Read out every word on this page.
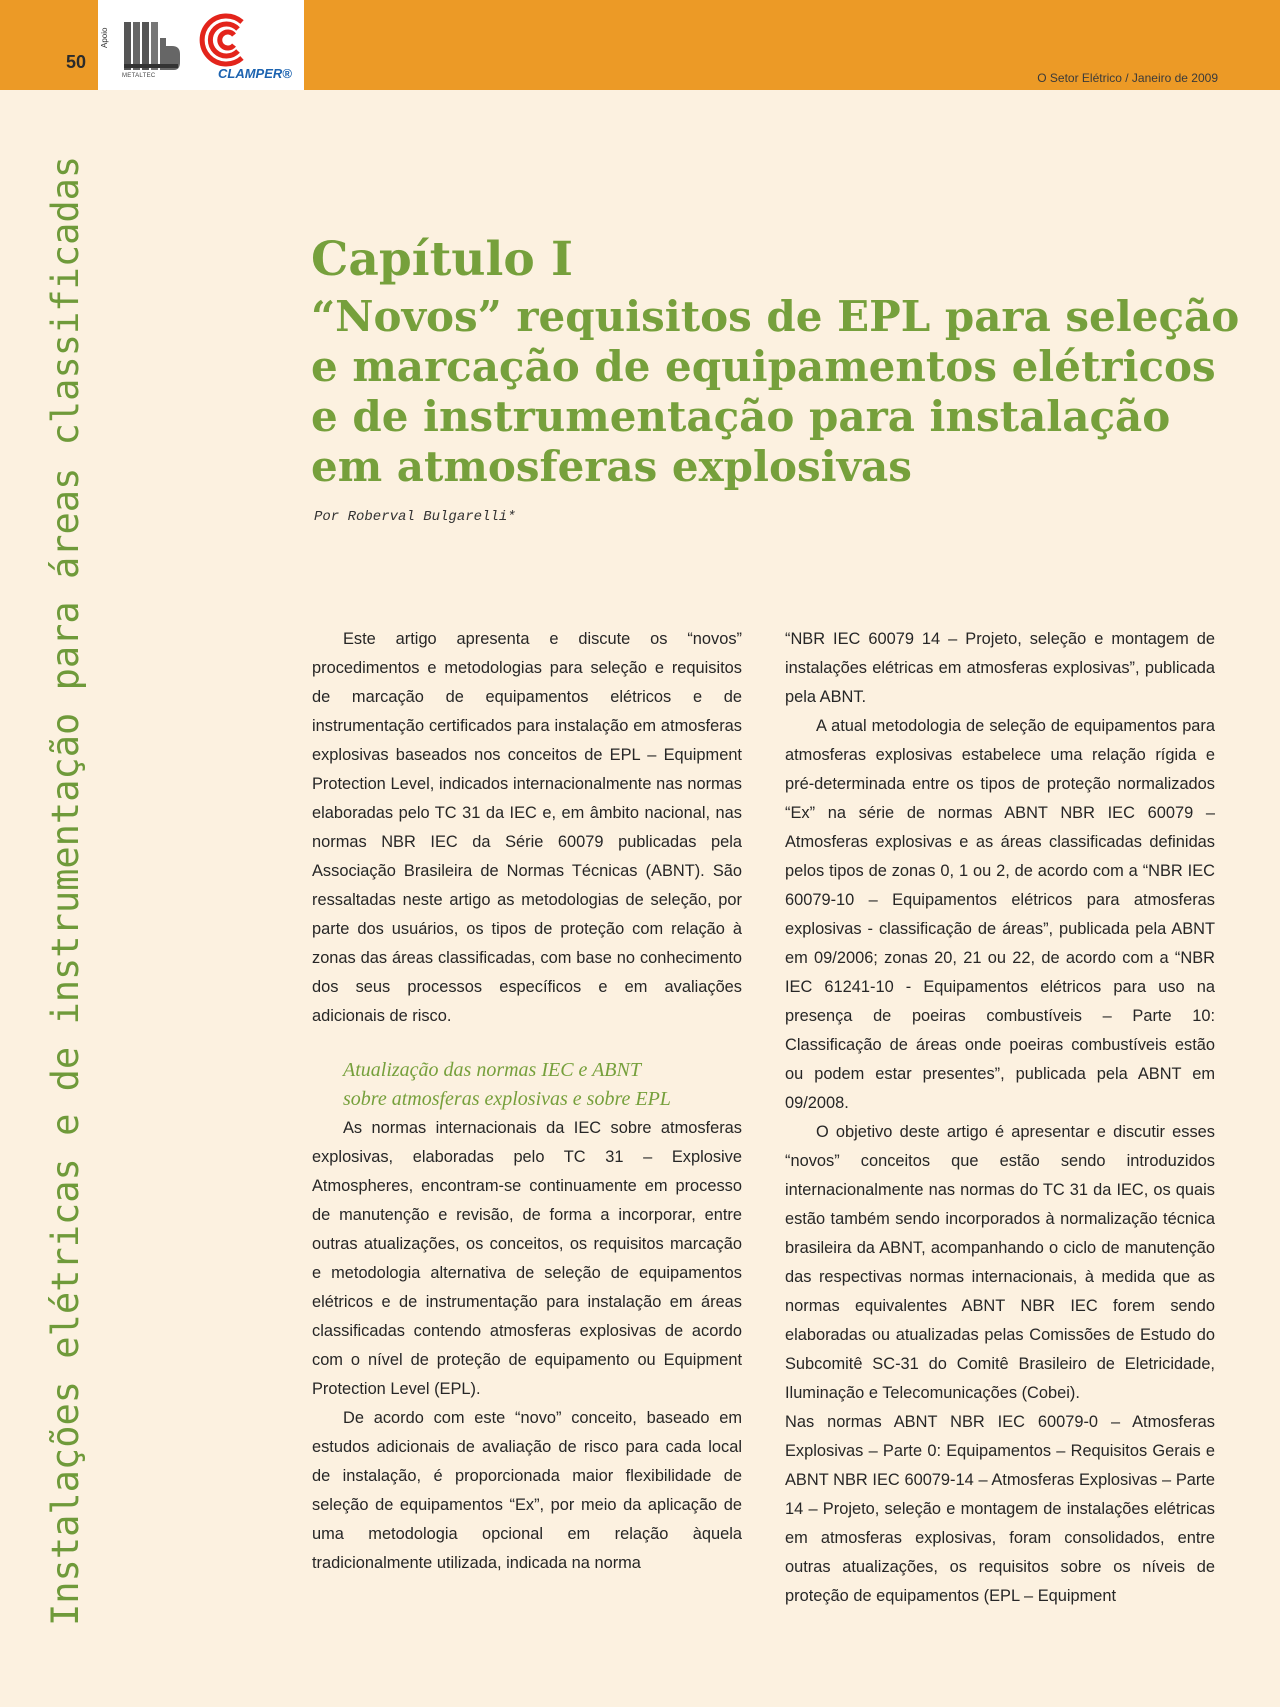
50
Apoio
METALTEC	CLAMPER®	O Setor Elétrico / Janeiro de 2009
Instalações elétricas e de instrumentação para áreas classificadas	Capítulo I
“Novos” requisitos de EPL para seleção e marcação de equipamentos elétricos e de instrumentação para instalação em atmosferas explosivas
Por Roberval Bulgarelli*

Este artigo apresenta e discute os “novos” procedimentos e metodologias para seleção e requisitos de marcação de equipamentos elétricos e de instrumentação certificados para instalação em atmosferas explosivas baseados nos conceitos de EPL – Equipment Protection Level, indicados internacionalmente nas normas elaboradas pelo TC 31 da IEC e, em âmbito nacional, nas normas NBR IEC da Série 60079 publicadas pela Associação Brasileira de Normas Técnicas (ABNT). São ressaltadas neste artigo as metodologias de seleção, por parte dos usuários, os tipos de proteção com relação à zonas das áreas classificadas, com base no conhecimento dos seus processos específicos e em avaliações adicionais de risco.

Atualização das normas IEC e ABNT
sobre atmosferas explosivas e sobre EPL

As normas internacionais da IEC sobre atmosferas explosivas, elaboradas pelo TC 31 – Explosive Atmospheres, encontram-se continuamente em processo de manutenção e revisão, de forma a incorporar, entre outras atualizações, os conceitos, os requisitos marcação e metodologia alternativa de seleção de equipamentos elétricos e de instrumentação para instalação em áreas classificadas contendo atmosferas explosivas de acordo com o nível de proteção de equipamento ou Equipment Protection Level (EPL).

De acordo com este “novo” conceito, baseado em estudos adicionais de avaliação de risco para cada local de instalação, é proporcionada maior flexibilidade de seleção de equipamentos “Ex”, por meio da aplicação de uma metodologia opcional em relação àquela tradicionalmente utilizada, indicada na norma

“NBR IEC 60079 14 – Projeto, seleção e montagem de instalações elétricas em atmosferas explosivas”, publicada pela ABNT.

A atual metodologia de seleção de equipamentos para atmosferas explosivas estabelece uma relação rígida e pré-determinada entre os tipos de proteção normalizados “Ex” na série de normas ABNT NBR IEC 60079 – Atmosferas explosivas e as áreas classificadas definidas pelos tipos de zonas 0, 1 ou 2, de acordo com a “NBR IEC 60079-10 – Equipamentos elétricos para atmosferas explosivas - classificação de áreas”, publicada pela ABNT em 09/2006; zonas 20, 21 ou 22, de acordo com a “NBR IEC 61241-10 - Equipamentos elétricos para uso na presença de poeiras combustíveis – Parte 10: Classificação de áreas onde poeiras combustíveis estão ou podem estar presentes”, publicada pela ABNT em 09/2008.

O objetivo deste artigo é apresentar e discutir esses “novos” conceitos que estão sendo introduzidos internacionalmente nas normas do TC 31 da IEC, os quais estão também sendo incorporados à normalização técnica brasileira da ABNT, acompanhando o ciclo de manutenção das respectivas normas internacionais, à medida que as normas equivalentes ABNT NBR IEC forem sendo elaboradas ou atualizadas pelas Comissões de Estudo do Subcomitê SC-31 do Comitê Brasileiro de Eletricidade, Iluminação e Telecomunicações (Cobei).

Nas normas ABNT NBR IEC 60079-0 – Atmosferas Explosivas – Parte 0: Equipamentos – Requisitos Gerais e ABNT NBR IEC 60079-14 – Atmosferas Explosivas – Parte 14 – Projeto, seleção e montagem de instalações elétricas em atmosferas explosivas, foram consolidados, entre outras atualizações, os requisitos sobre os níveis de proteção de equipamentos (EPL – Equipment
